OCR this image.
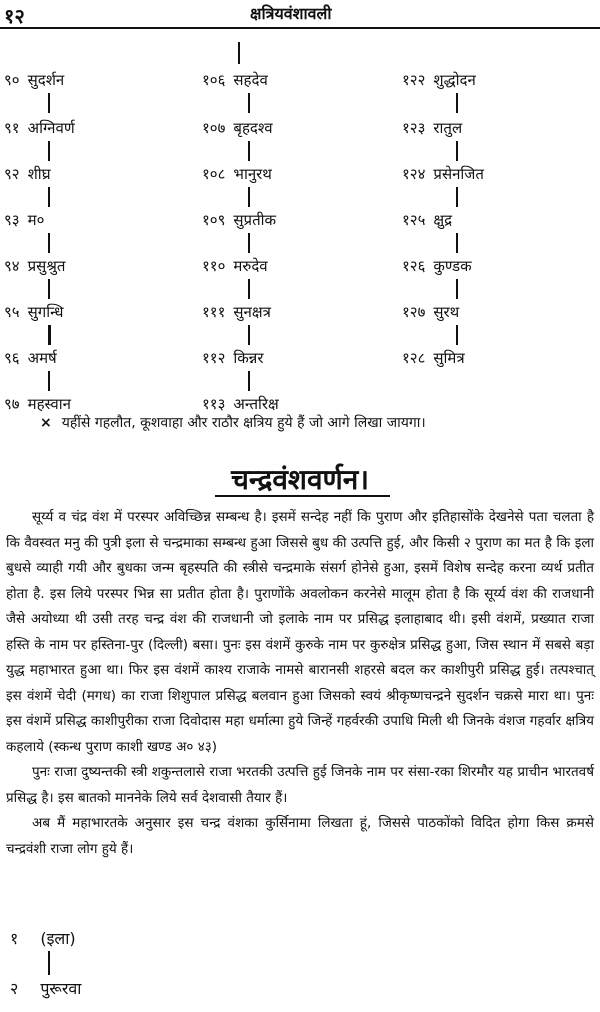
१२	क्षत्रियवंशावली
९० सुदर्शन
९१ अग्निवर्ण
९२ शीघ्र
९३ म०
९४ प्रसुश्रुत
९५ सुगन्धि
९६ अमर्ष
९७ महस्वान
१०६ सहदेव
१०७ बृहदश्व
१०८ भानुरथ
१०९ सुप्रतीक
११० मरुदेव
१११ सुनक्षत्र
११२ किन्नर
११३ अन्तरिक्ष
१२२ शुद्धोदन
१२३ रातुल
१२४ प्रसेनजित
१२५ क्षुद्र
१२६ कुण्डक
१२७ सुरथ
१२८ सुमित्र
× यहींसे गहलौत, कूशवाहा और राठौर क्षत्रिय हुये हैं जो आगे लिखा जायगा।
चन्द्रवंशवर्णन।

सूर्य्य व चंद्र वंश में परस्पर अविच्छिन्न सम्बन्ध है। इसमें सन्देह नहीं कि पुराण और इतिहासोंके देखनेसे पता चलता है कि वैवस्वत मनु की पुत्री इला से चन्द्रमाका सम्बन्ध हुआ जिससे बुध की उत्पत्ति हुई, और किसी २ पुराण का मत है कि इला बुधसे व्याही गयी और बुधका जन्म बृहस्पति की स्त्रीसे चन्द्रमाके संसर्ग होनेसे हुआ, इसमें विशेष सन्देह करना व्यर्थ प्रतीत होता है. इस लिये परस्पर भिन्न सा प्रतीत होता है। पुराणोंके अवलोकन करनेसे मालूम होता है कि सूर्य्य वंश की राजधानी जैसे अयोध्या थी उसी तरह चन्द्र वंश की राजधानी जो इलाके नाम पर प्रसिद्ध इलाहाबाद थी। इसी वंशमें, प्रख्यात राजा हस्ति के नाम पर हस्तिना-पुर (दिल्ली) बसा। पुनः इस वंशमें कुरुके नाम पर कुरुक्षेत्र प्रसिद्ध हुआ, जिस स्थान में सबसे बड़ा युद्ध महाभारत हुआ था। फिर इस वंशमें काश्य राजाके नामसे बारानसी शहरसे बदल कर काशीपुरी प्रसिद्ध हुई। तत्पश्चात् इस वंशमें चेदी (मगध) का राजा शिशुपाल प्रसिद्ध बलवान हुआ जिसको स्वयं श्रीकृष्णचन्द्रने सुदर्शन चक्रसे मारा था। पुनः इस वंशमें प्रसिद्ध काशीपुरीका राजा दिवोदास महा धर्मात्मा हुये जिन्हें गहर्वरकी उपाधि मिली थी जिनके वंशज गहर्वार क्षत्रिय कहलाये (स्कन्ध पुराण काशी खण्ड अ० ४३)

पुनः राजा दुष्यन्तकी स्त्री शकुन्तलासे राजा भरतकी उत्पत्ति हुई जिनके नाम पर संसा-रका शिरमौर यह प्राचीन भारतवर्ष प्रसिद्ध है। इस बातको माननेके लिये सर्व देशवासी तैयार हैं।

अब मैं महाभारतके अनुसार इस चन्द्र वंशका कुर्सिनामा लिखता हूं, जिससे पाठकोंको विदित होगा किस क्रमसे चन्द्रवंशी राजा लोग हुये हैं।

१ (इला)
२ पुरूरवा
